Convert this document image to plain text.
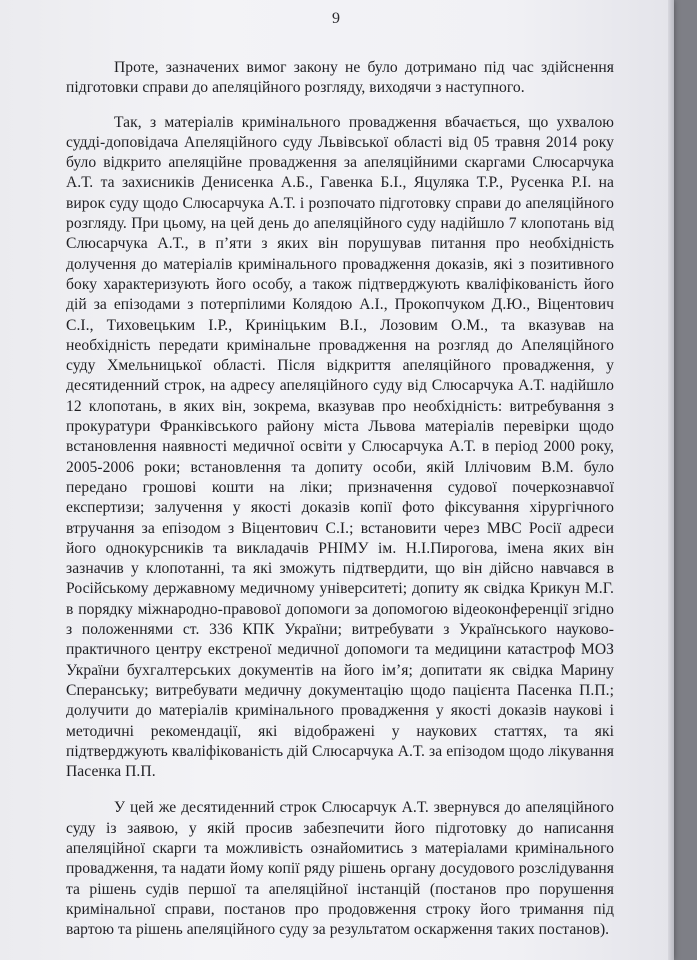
9

Проте, зазначених вимог закону не було дотримано під час здійснення підготовки справи до апеляційного розгляду, виходячи з наступного.

Так, з матеріалів кримінального провадження вбачається, що ухвалою судді-доповідача Апеляційного суду Львівської області від 05 травня 2014 року було відкрито апеляційне провадження за апеляційними скаргами Слюсарчука А.Т. та захисників Денисенка А.Б., Гавенка Б.І., Яцуляка Т.Р., Русенка Р.І. на вирок суду щодо Слюсарчука А.Т. і розпочато підготовку справи до апеляційного розгляду. При цьому, на цей день до апеляційного суду надійшло 7 клопотань від Слюсарчука А.Т., в п’яти з яких він порушував питання про необхідність долучення до матеріалів кримінального провадження доказів, які з позитивного боку характеризують його особу, а також підтверджують кваліфікованість його дій за епізодами з потерпілими Колядою А.І., Прокопчуком Д.Ю., Віцентович С.І., Тиховецьким І.Р., Криніцьким В.І., Лозовим О.М., та вказував на необхідність передати кримінальне провадження на розгляд до Апеляційного суду Хмельницької області. Після відкриття апеляційного провадження, у десятиденний строк, на адресу апеляційного суду від Слюсарчука А.Т. надійшло 12 клопотань, в яких він, зокрема, вказував про необхідність: витребування з прокуратури Франківського району міста Львова матеріалів перевірки щодо встановлення наявності медичної освіти у Слюсарчука А.Т. в період 2000 року, 2005-2006 роки; встановлення та допиту особи, якій Іллічовим В.М. було передано грошові кошти на ліки; призначення судової почеркознавчої експертизи; залучення у якості доказів копії фото фіксування хірургічного втручання за епізодом з Віцентович С.І.; встановити через МВС Росії адреси його однокурсників та викладачів РНІМУ ім. Н.І.Пирогова, імена яких він зазначив у клопотанні, та які зможуть підтвердити, що він дійсно навчався в Російському державному медичному університеті; допиту як свідка Крикун М.Г. в порядку міжнародно-правової допомоги за допомогою відеоконференції згідно з положеннями ст. 336 КПК України; витребувати з Українського науково-практичного центру екстреної медичної допомоги та медицини катастроф МОЗ України бухгалтерських документів на його ім’я; допитати як свідка Марину Сперанську; витребувати медичну документацію щодо пацієнта Пасенка П.П.; долучити до матеріалів кримінального провадження у якості доказів наукові і методичні рекомендації, які відображені у наукових статтях, та які підтверджують кваліфікованість дій Слюсарчука А.Т. за епізодом щодо лікування Пасенка П.П.

У цей же десятиденний строк Слюсарчук А.Т. звернувся до апеляційного суду із заявою, у якій просив забезпечити його підготовку до написання апеляційної скарги та можливість ознайомитись з матеріалами кримінального провадження, та надати йому копії ряду рішень органу досудового розслідування та рішень судів першої та апеляційної інстанцій (постанов про порушення кримінальної справи, постанов про продовження строку його тримання під вартою та рішень апеляційного суду за результатом оскарження таких постанов).
